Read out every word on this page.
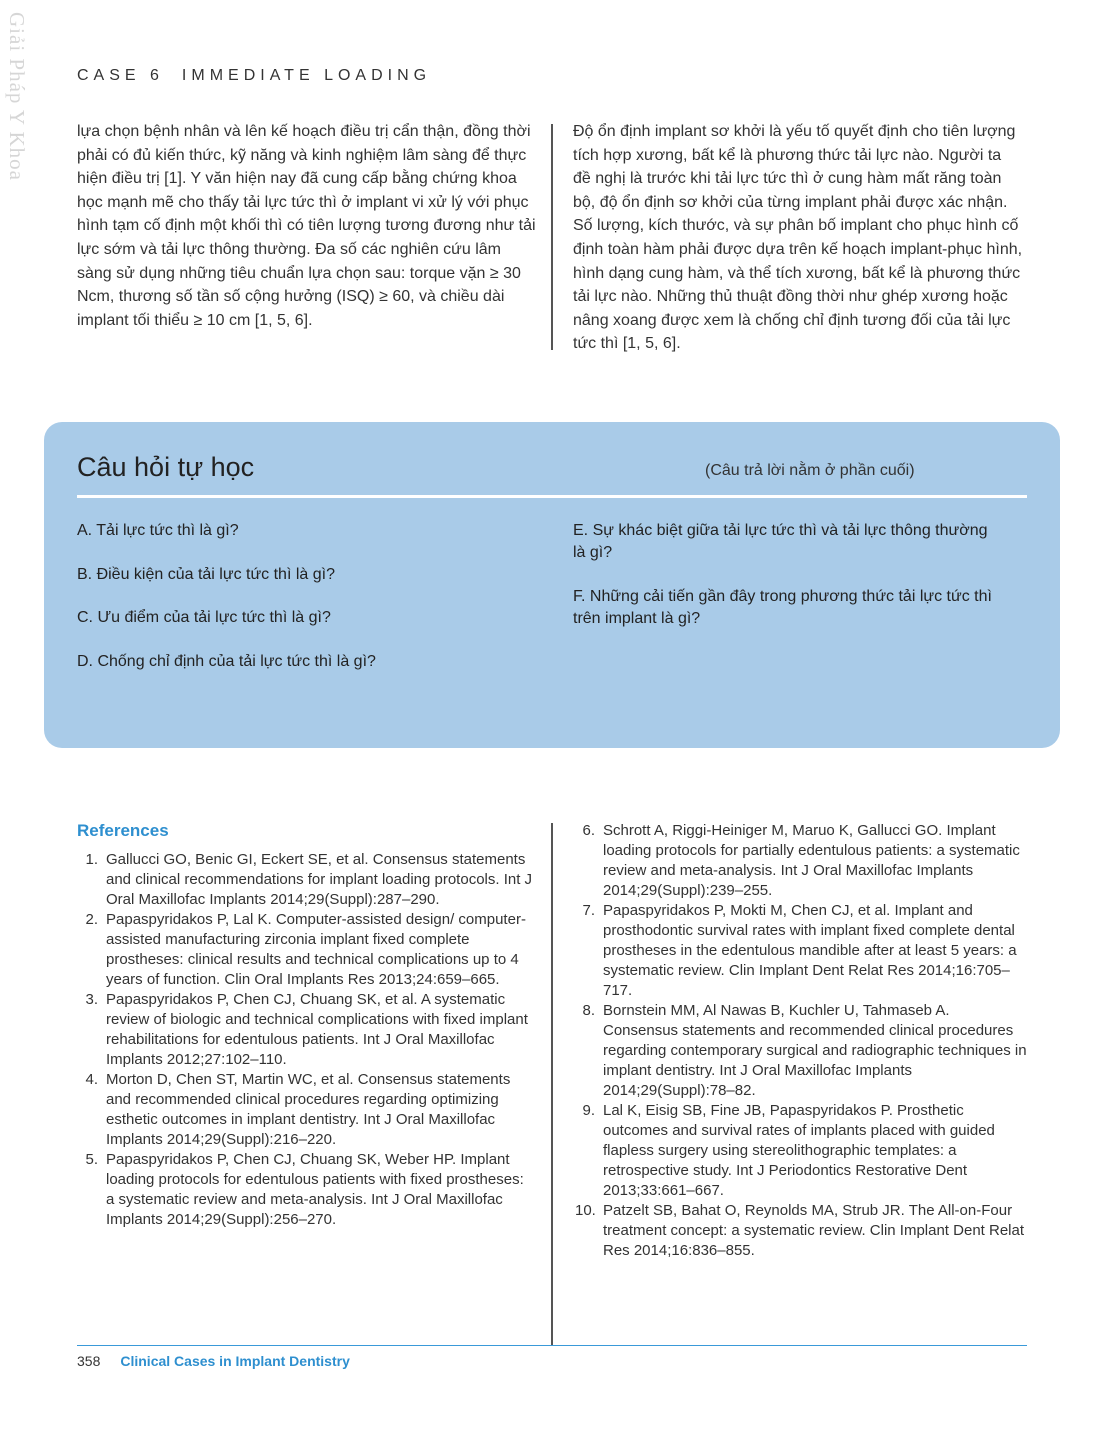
Giải Pháp Y Khoa	CASE 6 IMMEDIATE LOADING
lựa chọn bệnh nhân và lên kế hoạch điều trị cẩn thận, đồng thời phải có đủ kiến thức, kỹ năng và kinh nghiệm lâm sàng để thực hiện điều trị [1]. Y văn hiện nay đã cung cấp bằng chứng khoa học mạnh mẽ cho thấy tải lực tức thì ở implant vi xử lý với phục hình tạm cố định một khối thì có tiên lượng tương đương như tải lực sớm và tải lực thông thường. Đa số các nghiên cứu lâm sàng sử dụng những tiêu chuẩn lựa chọn sau: torque vặn ≥ 30 Ncm, thương số tần số cộng hưởng (ISQ) ≥ 60, và chiều dài implant tối thiểu ≥ 10 cm [1, 5, 6].
Độ ổn định implant sơ khởi là yếu tố quyết định cho tiên lượng tích hợp xương, bất kể là phương thức tải lực nào. Người ta đề nghị là trước khi tải lực tức thì ở cung hàm mất răng toàn bộ, độ ổn định sơ khởi của từng implant phải được xác nhận. Số lượng, kích thước, và sự phân bố implant cho phục hình cố định toàn hàm phải được dựa trên kế hoạch implant-phục hình, hình dạng cung hàm, và thể tích xương, bất kể là phương thức tải lực nào. Những thủ thuật đồng thời như ghép xương hoặc nâng xoang được xem là chống chỉ định tương đối của tải lực tức thì [1, 5, 6].
Câu hỏi tự học	(Câu trả lời nằm ở phần cuối)
A. Tải lực tức thì là gì?
B. Điều kiện của tải lực tức thì là gì?
C. Ưu điểm của tải lực tức thì là gì?
D. Chống chỉ định của tải lực tức thì là gì?
E. Sự khác biệt giữa tải lực tức thì và tải lực thông thường là gì?
F. Những cải tiến gần đây trong phương thức tải lực tức thì trên implant là gì?
References
1. Gallucci GO, Benic GI, Eckert SE, et al. Consensus statements and clinical recommendations for implant loading protocols. Int J Oral Maxillofac Implants 2014;29(Suppl):287–290.
2. Papaspyridakos P, Lal K. Computer-assisted design/ computer-assisted manufacturing zirconia implant fixed complete prostheses: clinical results and technical complications up to 4 years of function. Clin Oral Implants Res 2013;24:659–665.
3. Papaspyridakos P, Chen CJ, Chuang SK, et al. A systematic review of biologic and technical complications with fixed implant rehabilitations for edentulous patients. Int J Oral Maxillofac Implants 2012;27:102–110.
4. Morton D, Chen ST, Martin WC, et al. Consensus statements and recommended clinical procedures regarding optimizing esthetic outcomes in implant dentistry. Int J Oral Maxillofac Implants 2014;29(Suppl):216–220.
5. Papaspyridakos P, Chen CJ, Chuang SK, Weber HP. Implant loading protocols for edentulous patients with fixed prostheses: a systematic review and meta-analysis. Int J Oral Maxillofac Implants 2014;29(Suppl):256–270.
6. Schrott A, Riggi-Heiniger M, Maruo K, Gallucci GO. Implant loading protocols for partially edentulous patients: a systematic review and meta-analysis. Int J Oral Maxillofac Implants 2014;29(Suppl):239–255.
7. Papaspyridakos P, Mokti M, Chen CJ, et al. Implant and prosthodontic survival rates with implant fixed complete dental prostheses in the edentulous mandible after at least 5 years: a systematic review. Clin Implant Dent Relat Res 2014;16:705–717.
8. Bornstein MM, Al Nawas B, Kuchler U, Tahmaseb A. Consensus statements and recommended clinical procedures regarding contemporary surgical and radiographic techniques in implant dentistry. Int J Oral Maxillofac Implants 2014;29(Suppl):78–82.
9. Lal K, Eisig SB, Fine JB, Papaspyridakos P. Prosthetic outcomes and survival rates of implants placed with guided flapless surgery using stereolithographic templates: a retrospective study. Int J Periodontics Restorative Dent 2013;33:661–667.
10. Patzelt SB, Bahat O, Reynolds MA, Strub JR. The All-on-Four treatment concept: a systematic review. Clin Implant Dent Relat Res 2014;16:836–855.
358 Clinical Cases in Implant Dentistry
